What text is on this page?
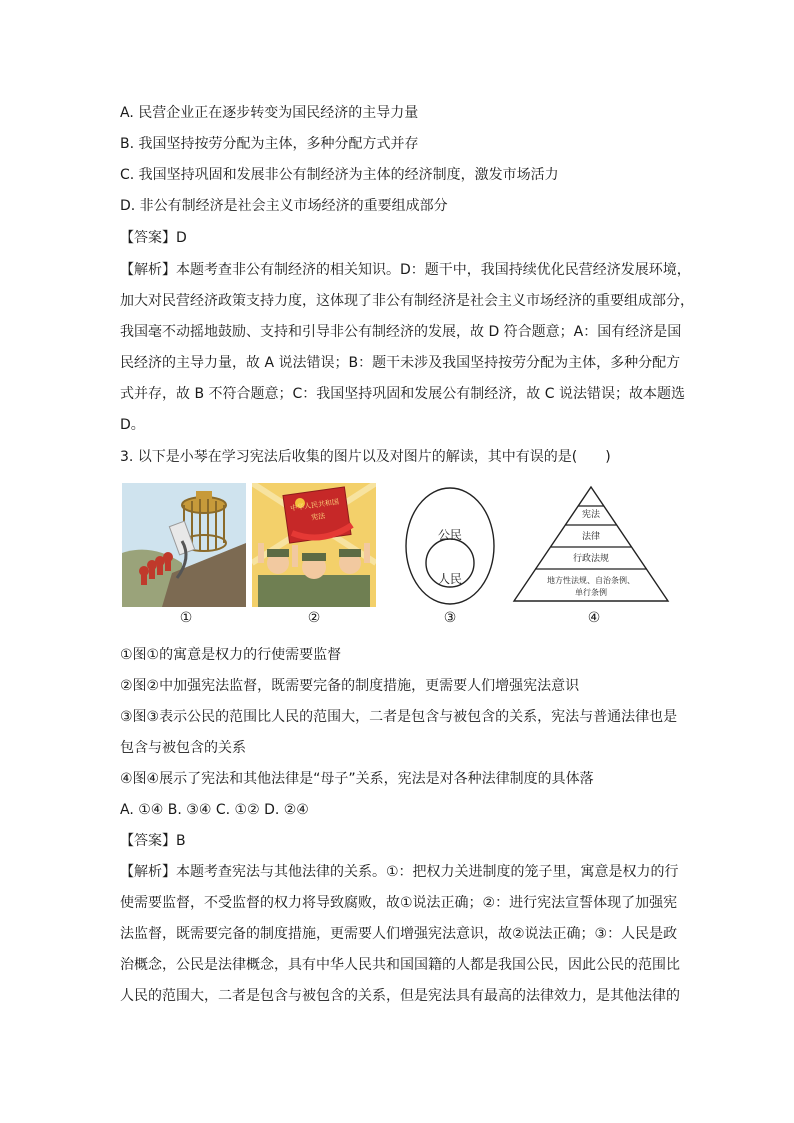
A. 民营企业正在逐步转变为国民经济的主导力量
B. 我国坚持按劳分配为主体，多种分配方式并存
C. 我国坚持巩固和发展非公有制经济为主体的经济制度，激发市场活力
D. 非公有制经济是社会主义市场经济的重要组成部分
【答案】D
【解析】本题考查非公有制经济的相关知识。D：题干中，我国持续优化民营经济发展环境，
加大对民营经济政策支持力度，这体现了非公有制经济是社会主义市场经济的重要组成部分，
我国毫不动摇地鼓励、支持和引导非公有制经济的发展，故 D 符合题意；A：国有经济是国
民经济的主导力量，故 A 说法错误；B：题干未涉及我国坚持按劳分配为主体，多种分配方
式并存，故 B 不符合题意；C：我国坚持巩固和发展公有制经济，故 C 说法错误；故本题选
D。
3. 以下是小琴在学习宪法后收集的图片以及对图片的解读，其中有误的是(　　)
①
中华人民共和国
宪法
②
公民
人民
③
宪法
法律
行政法规
地方性法规、自治条例、
单行条例
④
①图①的寓意是权力的行使需要监督
②图②中加强宪法监督，既需要完备的制度措施，更需要人们增强宪法意识
③图③表示公民的范围比人民的范围大，二者是包含与被包含的关系，宪法与普通法律也是
包含与被包含的关系
④图④展示了宪法和其他法律是“母子”关系，宪法是对各种法律制度的具体落
A. ①④ B. ③④ C. ①② D. ②④
【答案】B
【解析】本题考查宪法与其他法律的关系。①：把权力关进制度的笼子里，寓意是权力的行
使需要监督，不受监督的权力将导致腐败，故①说法正确；②：进行宪法宣誓体现了加强宪
法监督，既需要完备的制度措施，更需要人们增强宪法意识，故②说法正确；③：人民是政
治概念，公民是法律概念，具有中华人民共和国国籍的人都是我国公民，因此公民的范围比
人民的范围大，二者是包含与被包含的关系，但是宪法具有最高的法律效力，是其他法律的
